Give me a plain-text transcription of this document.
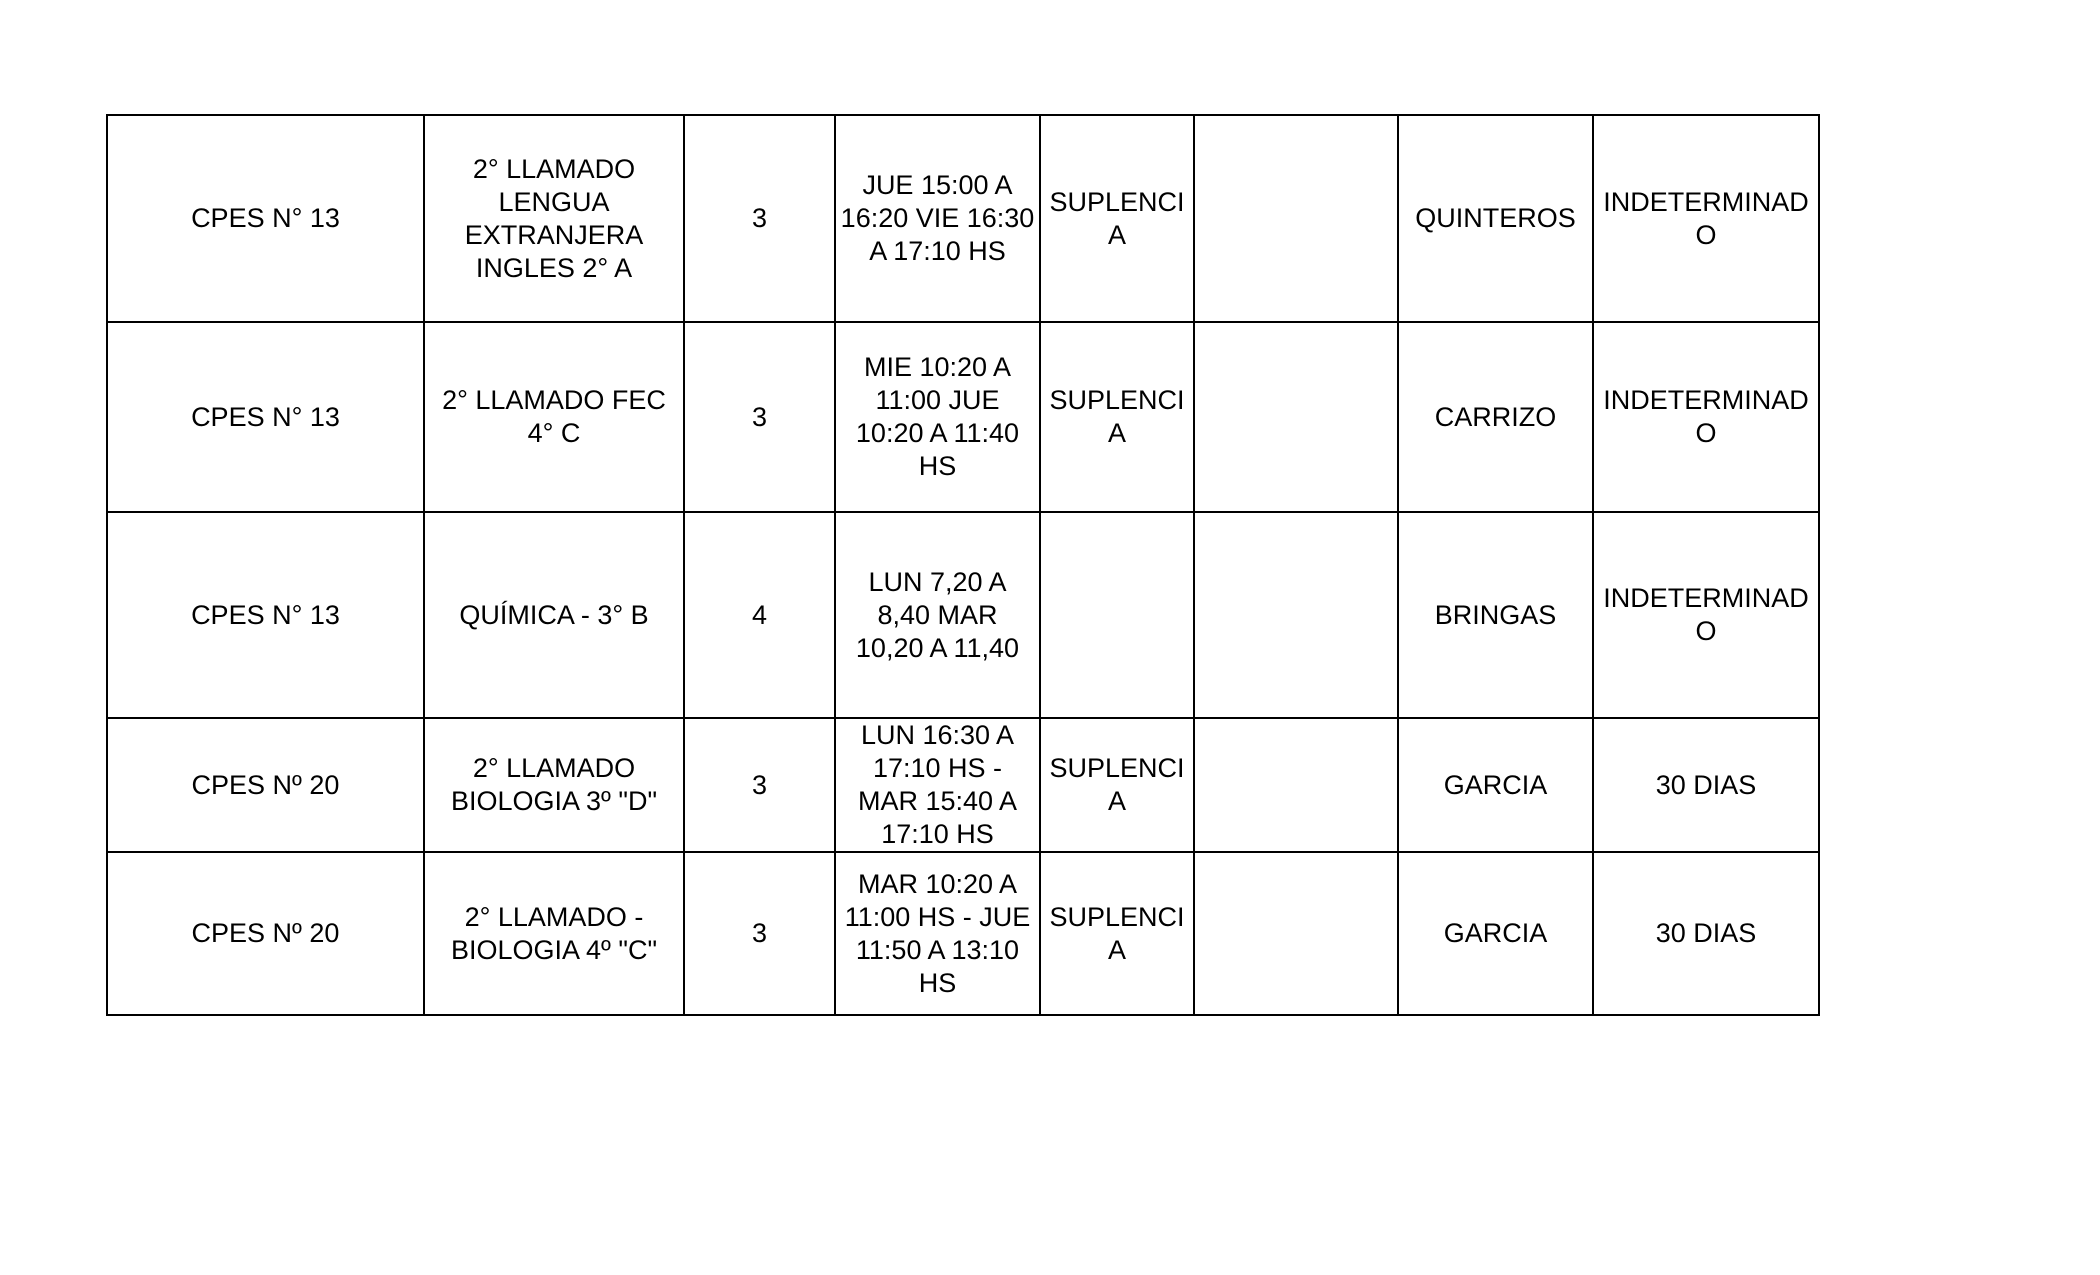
CPES N° 13	2° LLAMADO
LENGUA
EXTRANJERA
INGLES 2° A	3	JUE 15:00 A
16:20 VIE 16:30
A 17:10 HS	SUPLENCI
A		QUINTEROS	INDETERMINAD
O
CPES N° 13	2° LLAMADO FEC
4° C	3	MIE 10:20 A
11:00 JUE
10:20 A 11:40
HS	SUPLENCI
A		CARRIZO	INDETERMINAD
O
CPES N° 13	QUÍMICA - 3° B	4	LUN 7,20 A
8,40 MAR
10,20 A 11,40			BRINGAS	INDETERMINAD
O
CPES Nº 20	2° LLAMADO
BIOLOGIA 3º "D"	3	LUN 16:30 A
17:10 HS -
MAR 15:40 A
17:10 HS	SUPLENCI
A		GARCIA	30 DIAS
CPES Nº 20	2° LLAMADO -
BIOLOGIA 4º "C"	3	MAR 10:20 A
11:00 HS - JUE
11:50 A 13:10
HS	SUPLENCI
A		GARCIA	30 DIAS
